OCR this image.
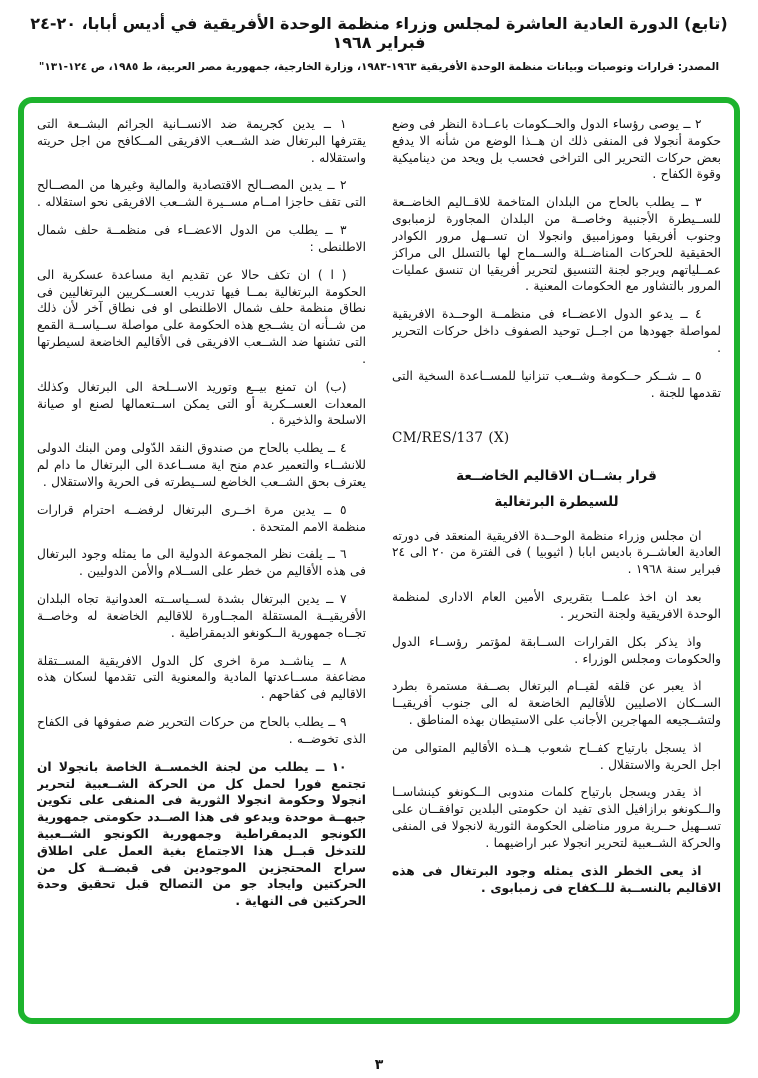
(تابع) الدورة العادية العاشرة لمجلس وزراء منظمة الوحدة الأفريقية في أديس أبابا، ٢٠-٢٤ فبراير ١٩٦٨
المصدر: قرارات وتوصيات وبيانات منظمة الوحدة الأفريقية ١٩٦٣-١٩٨٣، وزارة الخارجية، جمهورية مصر العربية، ط ١٩٨٥، ص ١٢٤-١٣١"

٢ ــ يوصى رؤساء الدول والحــكومات باعــادة النظر فى وضع حكومة أنجولا فى المنفى ذلك ان هــذا الوضع من شأنه الا يدفع بعض حركات التحرير الى التراخى فحسب بل ويحد من ديناميكية وقوة الكفاح .

٣ ــ يطلب بالحاح من البلدان المتاخمة للاقــاليم الخاضــعة للســيطرة الأجنبية وخاصــة من البلدان المجاورة لزمبابوى وجنوب أفريقيا وموزامبيق وانجولا ان تســهل مرور الكوادر الحقيقية للحركات المناضــلة والســماح لها بالتسلل الى مراكز عمــلياتهم ويرجو لجنة التنسيق لتحرير أفريقيا ان تنسق عمليات المرور بالتشاور مع الحكومات المعنية .

٤ ــ يدعو الدول الاعضــاء فى منظمــة الوحــدة الافريقية لمواصلة جهودها من اجــل توحيد الصفوف داخل حركات التحرير .

٥ ــ شــكر حــكومة وشــعب تنزانيا للمســاعدة السخية التى تقدمها للجنة .

CM/RES/137 (X)

قرار بشــان الاقاليم الخاضــعة
للسيطرة البرتغالية

ان مجلس وزراء منظمة الوحــدة الافريقية المنعقد فى دورته العادية العاشــرة باديس ابابا ( اثيوبيا ) فى الفترة من ٢٠ الى ٢٤ فبراير سنة ١٩٦٨ .

بعد ان اخذ علمــا بتقريرى الأمين العام الادارى لمنظمة الوحدة الافريقية ولجنة التحرير .

واذ يذكر بكل القرارات الســابقة لمؤتمر رؤســاء الدول والحكومات ومجلس الوزراء .

اذ يعبر عن قلقه لقيــام البرتغال بصــفة مستمرة بطرد الســكان الاصليين للأقاليم الخاضعة له الى جنوب أفريقيــا ولتشــجيعه المهاجرين الأجانب على الاستيطان بهذه المناطق .

اذ يسجل بارتياح كفــاح شعوب هــذه الأقاليم المتوالى من اجل الحرية والاستقلال .

اذ يقدر ويسجل بارتياح كلمات مندوبى الــكونغو كينشاســا والــكونغو برازافيل الذى تفيد ان حكومتى البلدين توافقــان على تســهيل حــرية مرور مناضلى الحكومة الثورية لانجولا فى المنفى والحركة الشــعبية لتحرير انجولا عبر اراضيهما .

اذ يعى الخطر الذى يمثله وجود البرتغال فى هذه الاقاليم بالنســبة للــكفاح فى زمبابوى .

١ ــ يدين كجريمة ضد الانســانية الجرائم البشــعة التى يقترفها البرتغال ضد الشــعب الافريقى المــكافح من اجل حريته واستقلاله .

٢ ــ يدين المصــالح الاقتصادية والمالية وغيرها من المصــالح التى تقف حاجزا امــام مســيرة الشــعب الافريقى نحو استقلاله .

٣ ــ يطلب من الدول الاعضــاء فى منظمــة حلف شمال الاطلنطى :

( ا ) ان تكف حالا عن تقديم اية مساعدة عسكرية الى الحكومة البرتغالية بمــا فيها تدريب العســكريين البرتغاليين فى نطاق منظمة حلف شمال الاطلنطى او فى نطاق آخر لأن ذلك من شــأنه ان يشــجع هذه الحكومة على مواصلة ســياســة القمع التى تشنها ضد الشــعب الافريقى فى الأقاليم الخاضعة لسيطرتها .

(ب) ان تمنع بيــع وتوريد الاســلحة الى البرتغال وكذلك المعدات العســكرية أو التى يمكن اســتعمالها لصنع او صيانة الاسلحة والذخيرة .

٤ ــ يطلب بالحاح من صندوق النقد الدّولى ومن البنك الدولى للانشــاء والتعمير عدم منح اية مســاعدة الى البرتغال ما دام لم يعترف بحق الشــعب الخاضع لســيطرته فى الحرية والاستقلال .

٥ ــ يدين مرة اخــرى البرتغال لرفضــه احترام قرارات منظمة الامم المتحدة .

٦ ــ يلفت نظر المجموعة الدولية الى ما يمثله وجود البرتغال فى هذه الأقاليم من خطر على الســلام والأمن الدوليين .

٧ ــ يدين البرتغال بشدة لســياســته العدوانية تجاه البلدان الأفريقيــة المستقلة المجــاورة للاقاليم الخاضعة له وخاصــة تجــاه جمهورية الــكونغو الديمقراطية .

٨ ــ يناشــد مرة اخرى كل الدول الافريقية المســتقلة مضاعفة مســاعدتها المادية والمعنوية التى تقدمها لسكان هذه الاقاليم فى كفاحهم .

٩ ــ يطلب بالحاح من حركات التحرير ضم صفوفها فى الكفاح الذى تخوضــه .

١٠ ــ يطلب من لجنة الخمســة الخاصة بانجولا ان تجتمع فورا لحمل كل من الحركة الشــعبية لتحرير انجولا وحكومة انجولا الثورية فى المنفى على تكوين جبهــة موحدة ويدعو فى هذا الصــدد حكومتى جمهورية الكونجو الديمقراطية وجمهورية الكونجو الشــعبية للتدخل قبــل هذا الاجتماع بغية العمل على اطلاق سراح المحتجزين الموجودين فى قبضــة كل من الحركتين وايجاد جو من التصالح قبل تحقيق وحدة الحركتين فى النهاية .

٣
